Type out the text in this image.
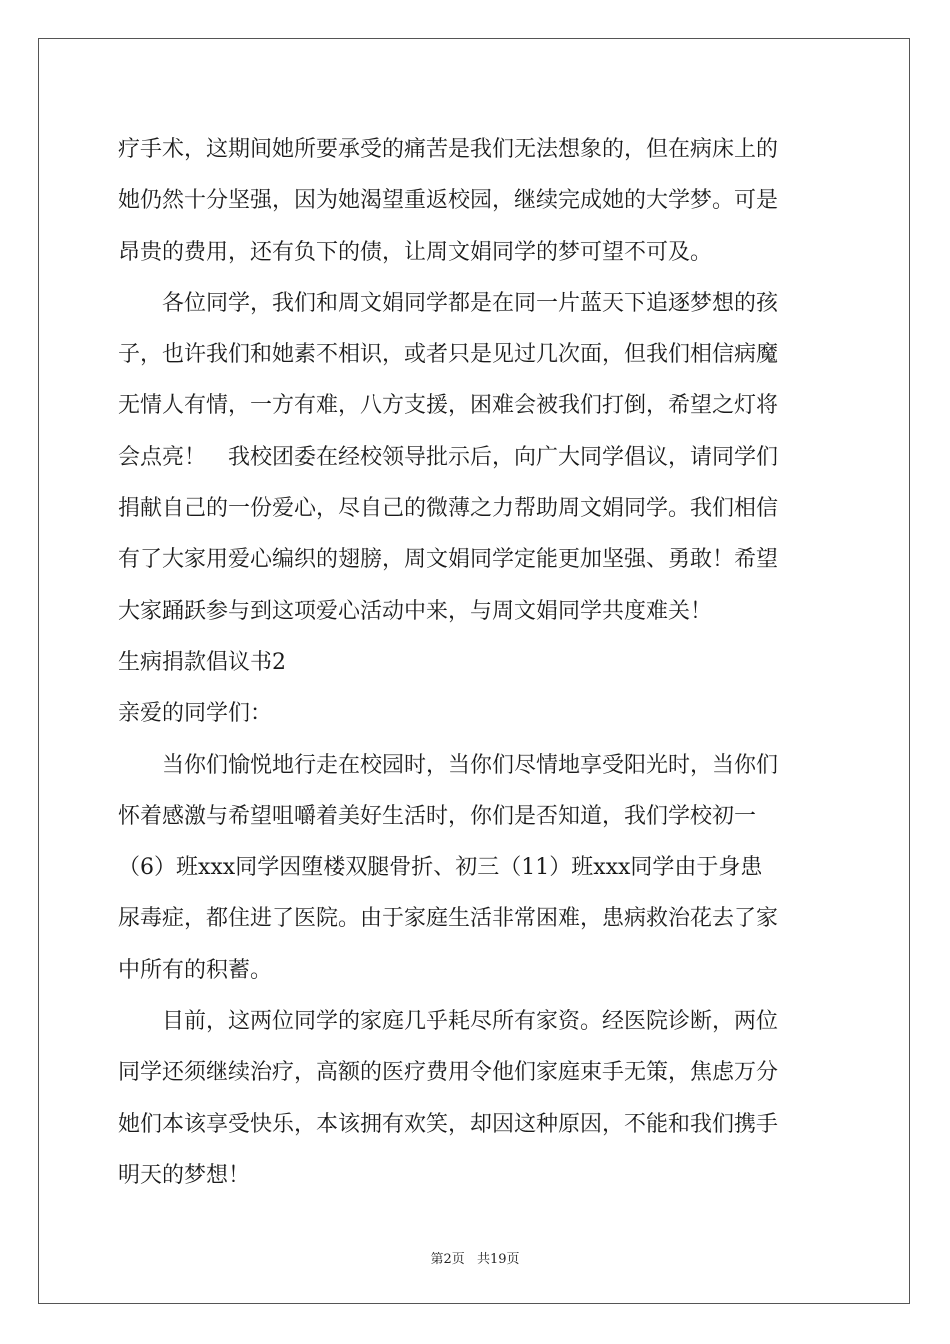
疗手术，这期间她所要承受的痛苦是我们无法想象的，但在病床上的
她仍然十分坚强，因为她渴望重返校园，继续完成她的大学梦。可是
昂贵的费用，还有负下的债，让周文娟同学的梦可望不可及。
各位同学，我们和周文娟同学都是在同一片蓝天下追逐梦想的孩
子，也许我们和她素不相识，或者只是见过几次面，但我们相信病魔
无情人有情，一方有难，八方支援，困难会被我们打倒，希望之灯将
会点亮！　我校团委在经校领导批示后，向广大同学倡议，请同学们
捐献自己的一份爱心，尽自己的微薄之力帮助周文娟同学。我们相信
有了大家用爱心编织的翅膀，周文娟同学定能更加坚强、勇敢！希望
大家踊跃参与到这项爱心活动中来，与周文娟同学共度难关！
生病捐款倡议书2
亲爱的同学们：
当你们愉悦地行走在校园时，当你们尽情地享受阳光时，当你们
怀着感激与希望咀嚼着美好生活时，你们是否知道，我们学校初一
（6）班xxx同学因堕楼双腿骨折、初三（11）班xxx同学由于身患
尿毒症，都住进了医院。由于家庭生活非常困难，患病救治花去了家
中所有的积蓄。
目前，这两位同学的家庭几乎耗尽所有家资。经医院诊断，两位
同学还须继续治疗，高额的医疗费用令他们家庭束手无策，焦虑万分
她们本该享受快乐，本该拥有欢笑，却因这种原因，不能和我们携手
明天的梦想！
第2页 共19页
